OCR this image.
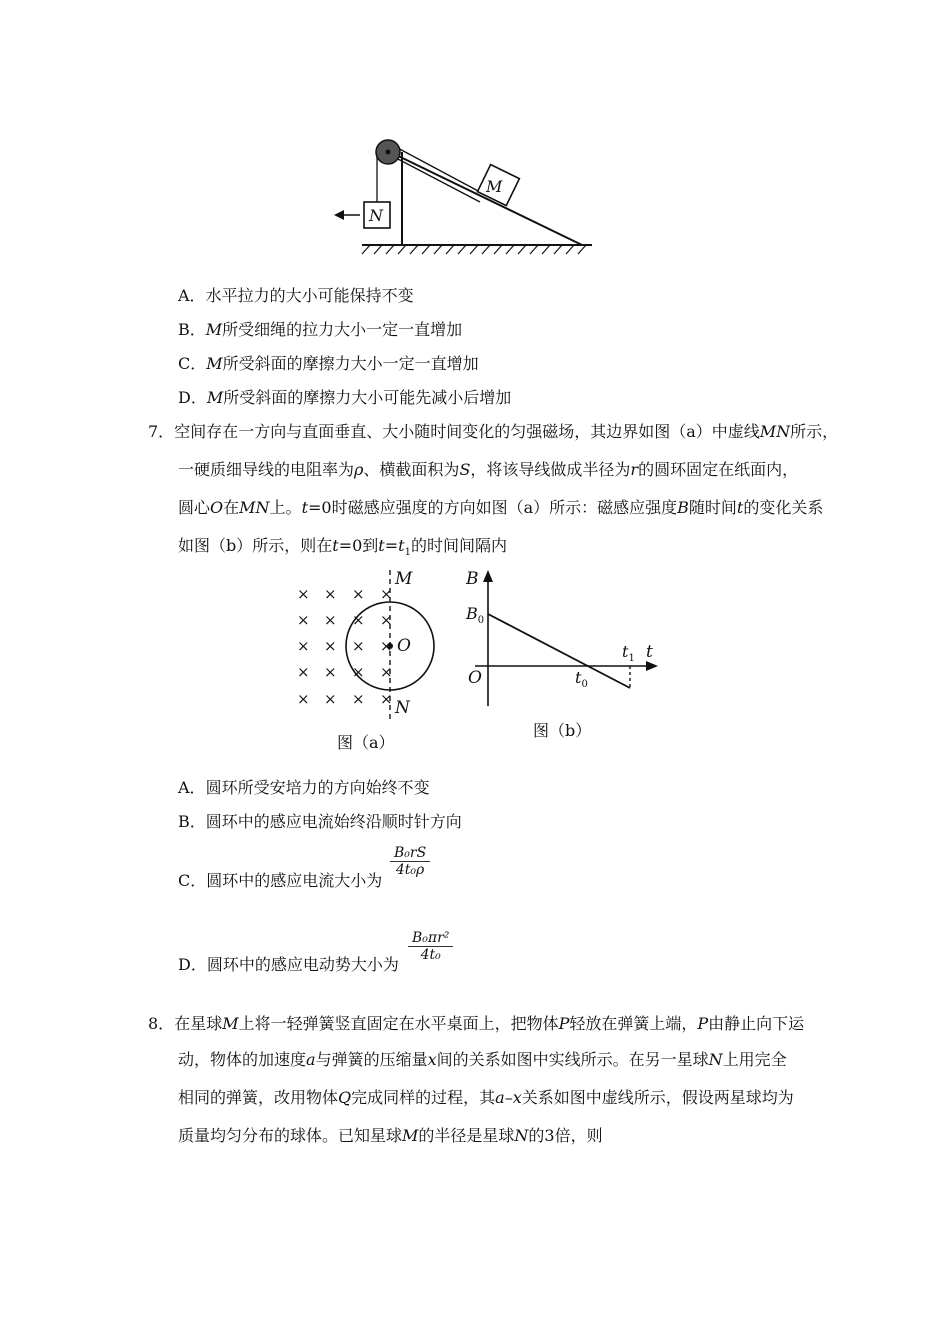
M
N
A．水平拉力的大小可能保持不变
B．M所受细绳的拉力大小一定一直增加
C．M所受斜面的摩擦力大小一定一直增加
D．M所受斜面的摩擦力大小可能先减小后增加
7．空间存在一方向与直面垂直、大小随时间变化的匀强磁场，其边界如图（a）中虚线MN所示，
一硬质细导线的电阻率为ρ、横截面积为S，将该导线做成半径为r的圆环固定在纸面内，
圆心O在MN上。t=0时磁感应强度的方向如图（a）所示：磁感应强度B随时间t的变化关系
如图（b）所示，则在t=0到$t=t_1$的时间间隔内
× × × ×
× × × ×
× × × ×
× × × ×
× × × ×
M
O
N
图（a）
B
$B_0$
O	$t_0$
$t_1$ t
图（b）
A．圆环所受安培力的方向始终不变
B．圆环中的感应电流始终沿顺时针方向
C．圆环中的感应电流大小为
$\frac{\text{B₀rS}}{\text{4t₀ρ}}$
D．圆环中的感应电动势大小为
$\frac{\text{B₀πr²}}{\text{4t₀}}$
8．在星球M上将一轻弹簧竖直固定在水平桌面上，把物体P轻放在弹簧上端，P由静止向下运
动，物体的加速度a与弹簧的压缩量x间的关系如图中实线所示。在另一星球N上用完全
相同的弹簧，改用物体Q完成同样的过程，其a–x关系如图中虚线所示，假设两星球均为
质量均匀分布的球体。已知星球M的半径是星球N的3倍，则
